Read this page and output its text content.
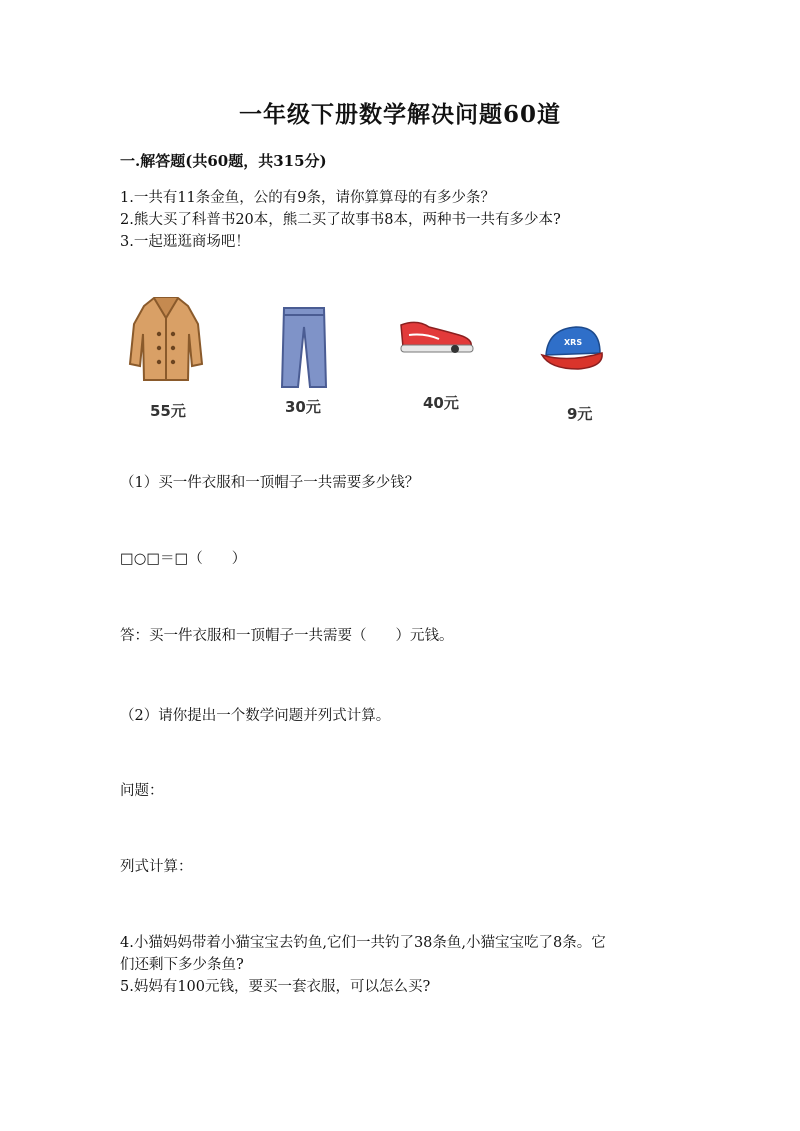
一年级下册数学解决问题60道
一.解答题(共60题，共315分)
1.一共有11条金鱼，公的有9条，请你算算母的有多少条？
2.熊大买了科普书20本，熊二买了故事书8本，两种书一共有多少本?
3.一起逛逛商场吧！
55元	30元	40元
XRS
9元
（1）买一件衣服和一顶帽子一共需要多少钱？
□○□＝□（　　）
答：买一件衣服和一顶帽子一共需要（　　）元钱。
（2）请你提出一个数学问题并列式计算。
问题：
列式计算：
4.小猫妈妈带着小猫宝宝去钓鱼,它们一共钓了38条鱼,小猫宝宝吃了8条。它
们还剩下多少条鱼?
5.妈妈有100元钱，要买一套衣服，可以怎么买?
